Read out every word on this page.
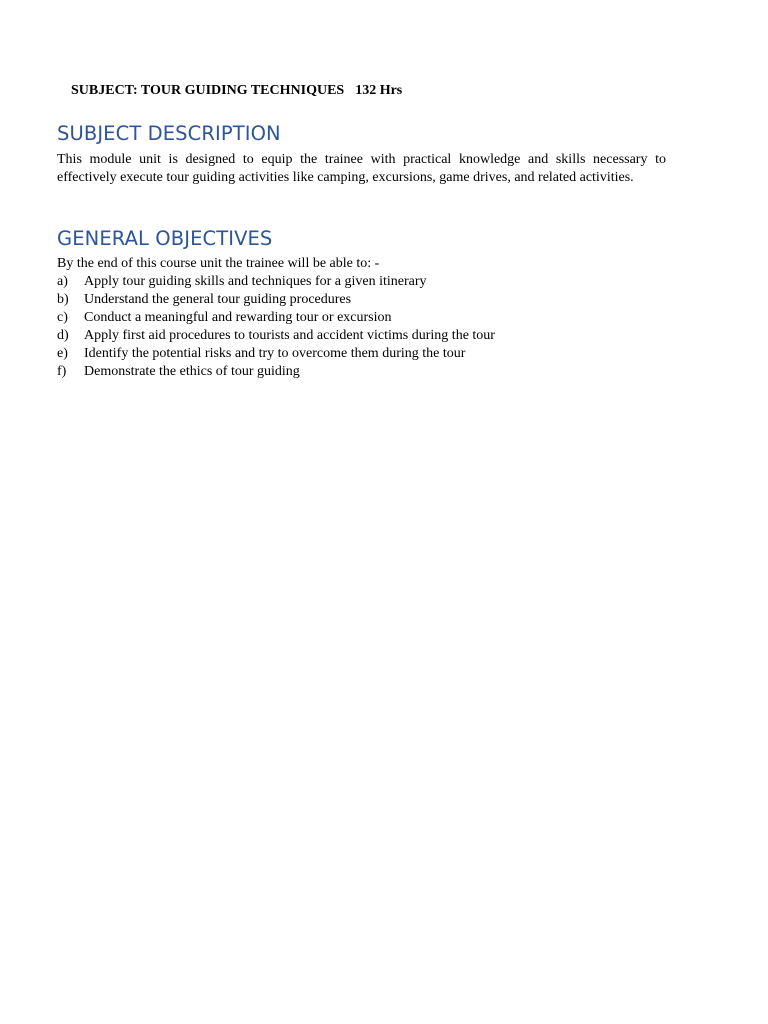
SUBJECT: TOUR GUIDING TECHNIQUES 132 Hrs

SUBJECT DESCRIPTION
This module unit is designed to equip the trainee with practical knowledge and skills necessary to effectively execute tour guiding activities like camping, excursions, game drives, and related activities.
GENERAL OBJECTIVES
By the end of this course unit the trainee will be able to: -
a)	Apply tour guiding skills and techniques for a given itinerary
b)	Understand the general tour guiding procedures
c)	Conduct a meaningful and rewarding tour or excursion
d)	Apply first aid procedures to tourists and accident victims during the tour
e)	Identify the potential risks and try to overcome them during the tour
f)	Demonstrate the ethics of tour guiding
